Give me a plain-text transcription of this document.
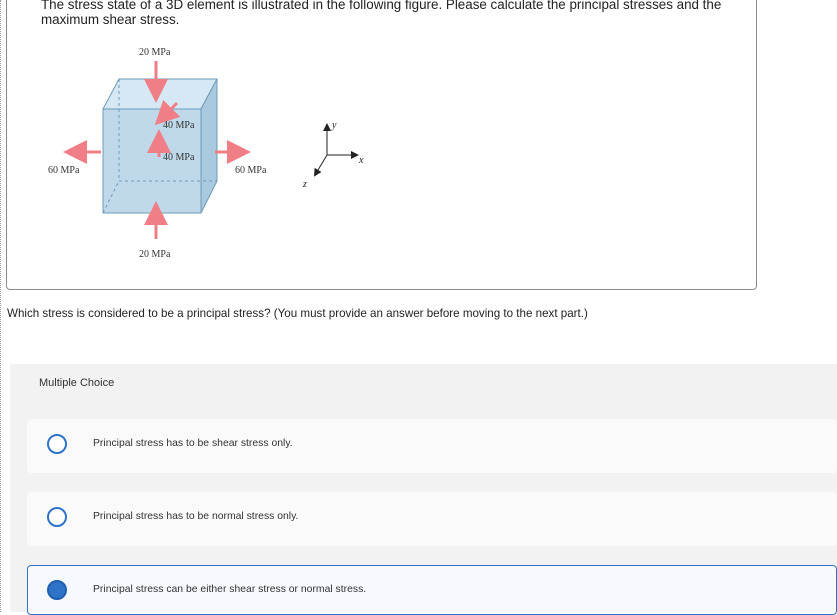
The stress state of a 3D element is illustrated in the following figure. Please calculate the principal stresses and the maximum shear stress.
20 MPa
20 MPa
60 MPa	60 MPa
40 MPa
40 MPa
y
x
z
Which stress is considered to be a principal stress? (You must provide an answer before moving to the next part.)
Multiple Choice
Principal stress has to be shear stress only.
Principal stress has to be normal stress only.
Principal stress can be either shear stress or normal stress.
